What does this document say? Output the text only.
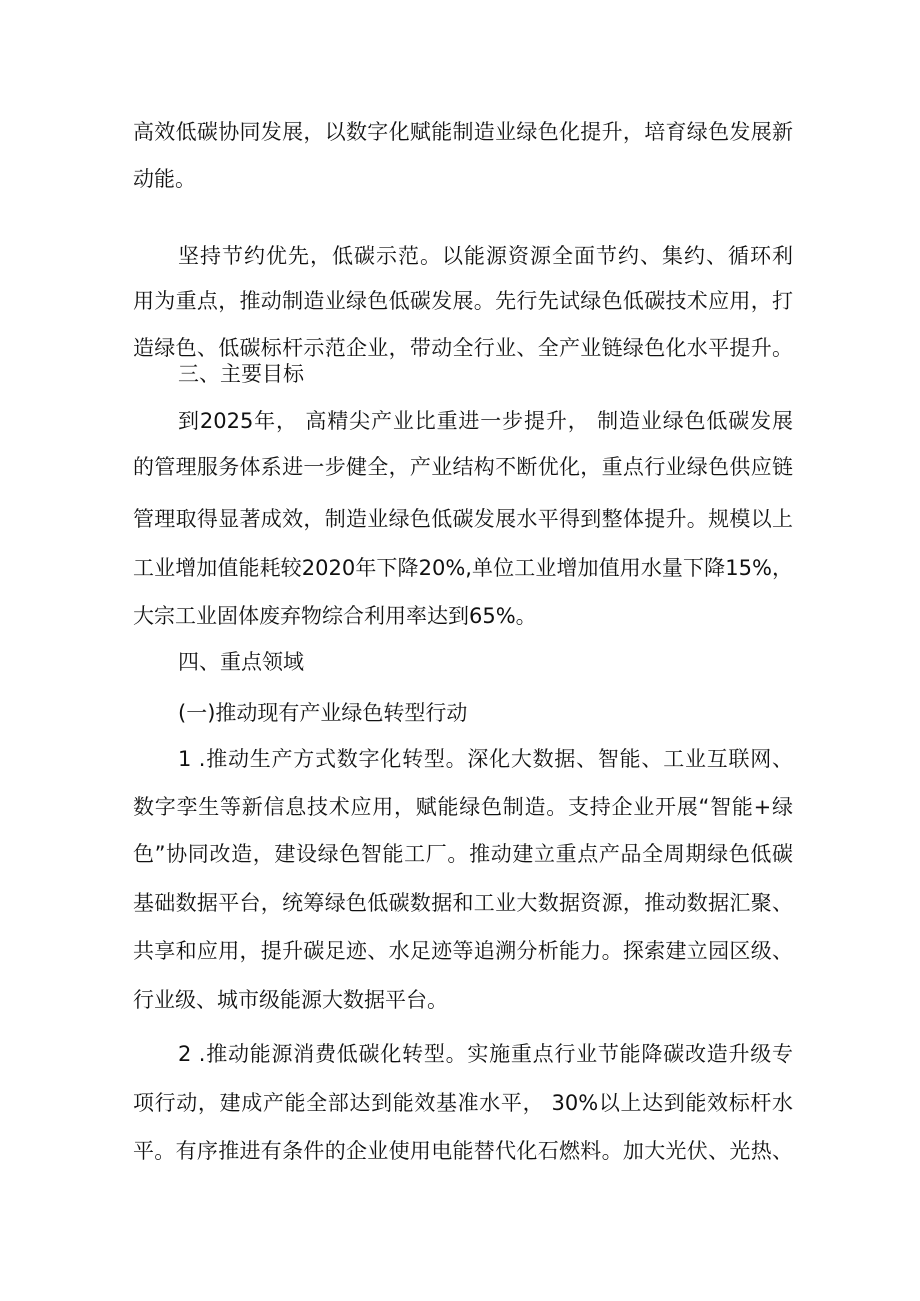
高效低碳协同发展，以数字化赋能制造业绿色化提升，培育绿色发展新
动能。
坚持节约优先，低碳示范。以能源资源全面节约、集约、循环利
用为重点，推动制造业绿色低碳发展。先行先试绿色低碳技术应用，打
造绿色、低碳标杆示范企业，带动全行业、全产业链绿色化水平提升。
三、主要目标
到2025年， 高精尖产业比重进一步提升， 制造业绿色低碳发展
的管理服务体系进一步健全，产业结构不断优化，重点行业绿色供应链
管理取得显著成效，制造业绿色低碳发展水平得到整体提升。规模以上
工业增加值能耗较2020年下降20%,单位工业增加值用水量下降15%，
大宗工业固体废弃物综合利用率达到65%。
四、重点领域
(一)推动现有产业绿色转型行动
1 .推动生产方式数字化转型。深化大数据、智能、工业互联网、
数字孪生等新信息技术应用，赋能绿色制造。支持企业开展“智能+绿
色”协同改造，建设绿色智能工厂。推动建立重点产品全周期绿色低碳
基础数据平台，统筹绿色低碳数据和工业大数据资源，推动数据汇聚、
共享和应用，提升碳足迹、水足迹等追溯分析能力。探索建立园区级、
行业级、城市级能源大数据平台。
2 .推动能源消费低碳化转型。实施重点行业节能降碳改造升级专
项行动，建成产能全部达到能效基准水平， 30%以上达到能效标杆水
平。有序推进有条件的企业使用电能替代化石燃料。加大光伏、光热、
